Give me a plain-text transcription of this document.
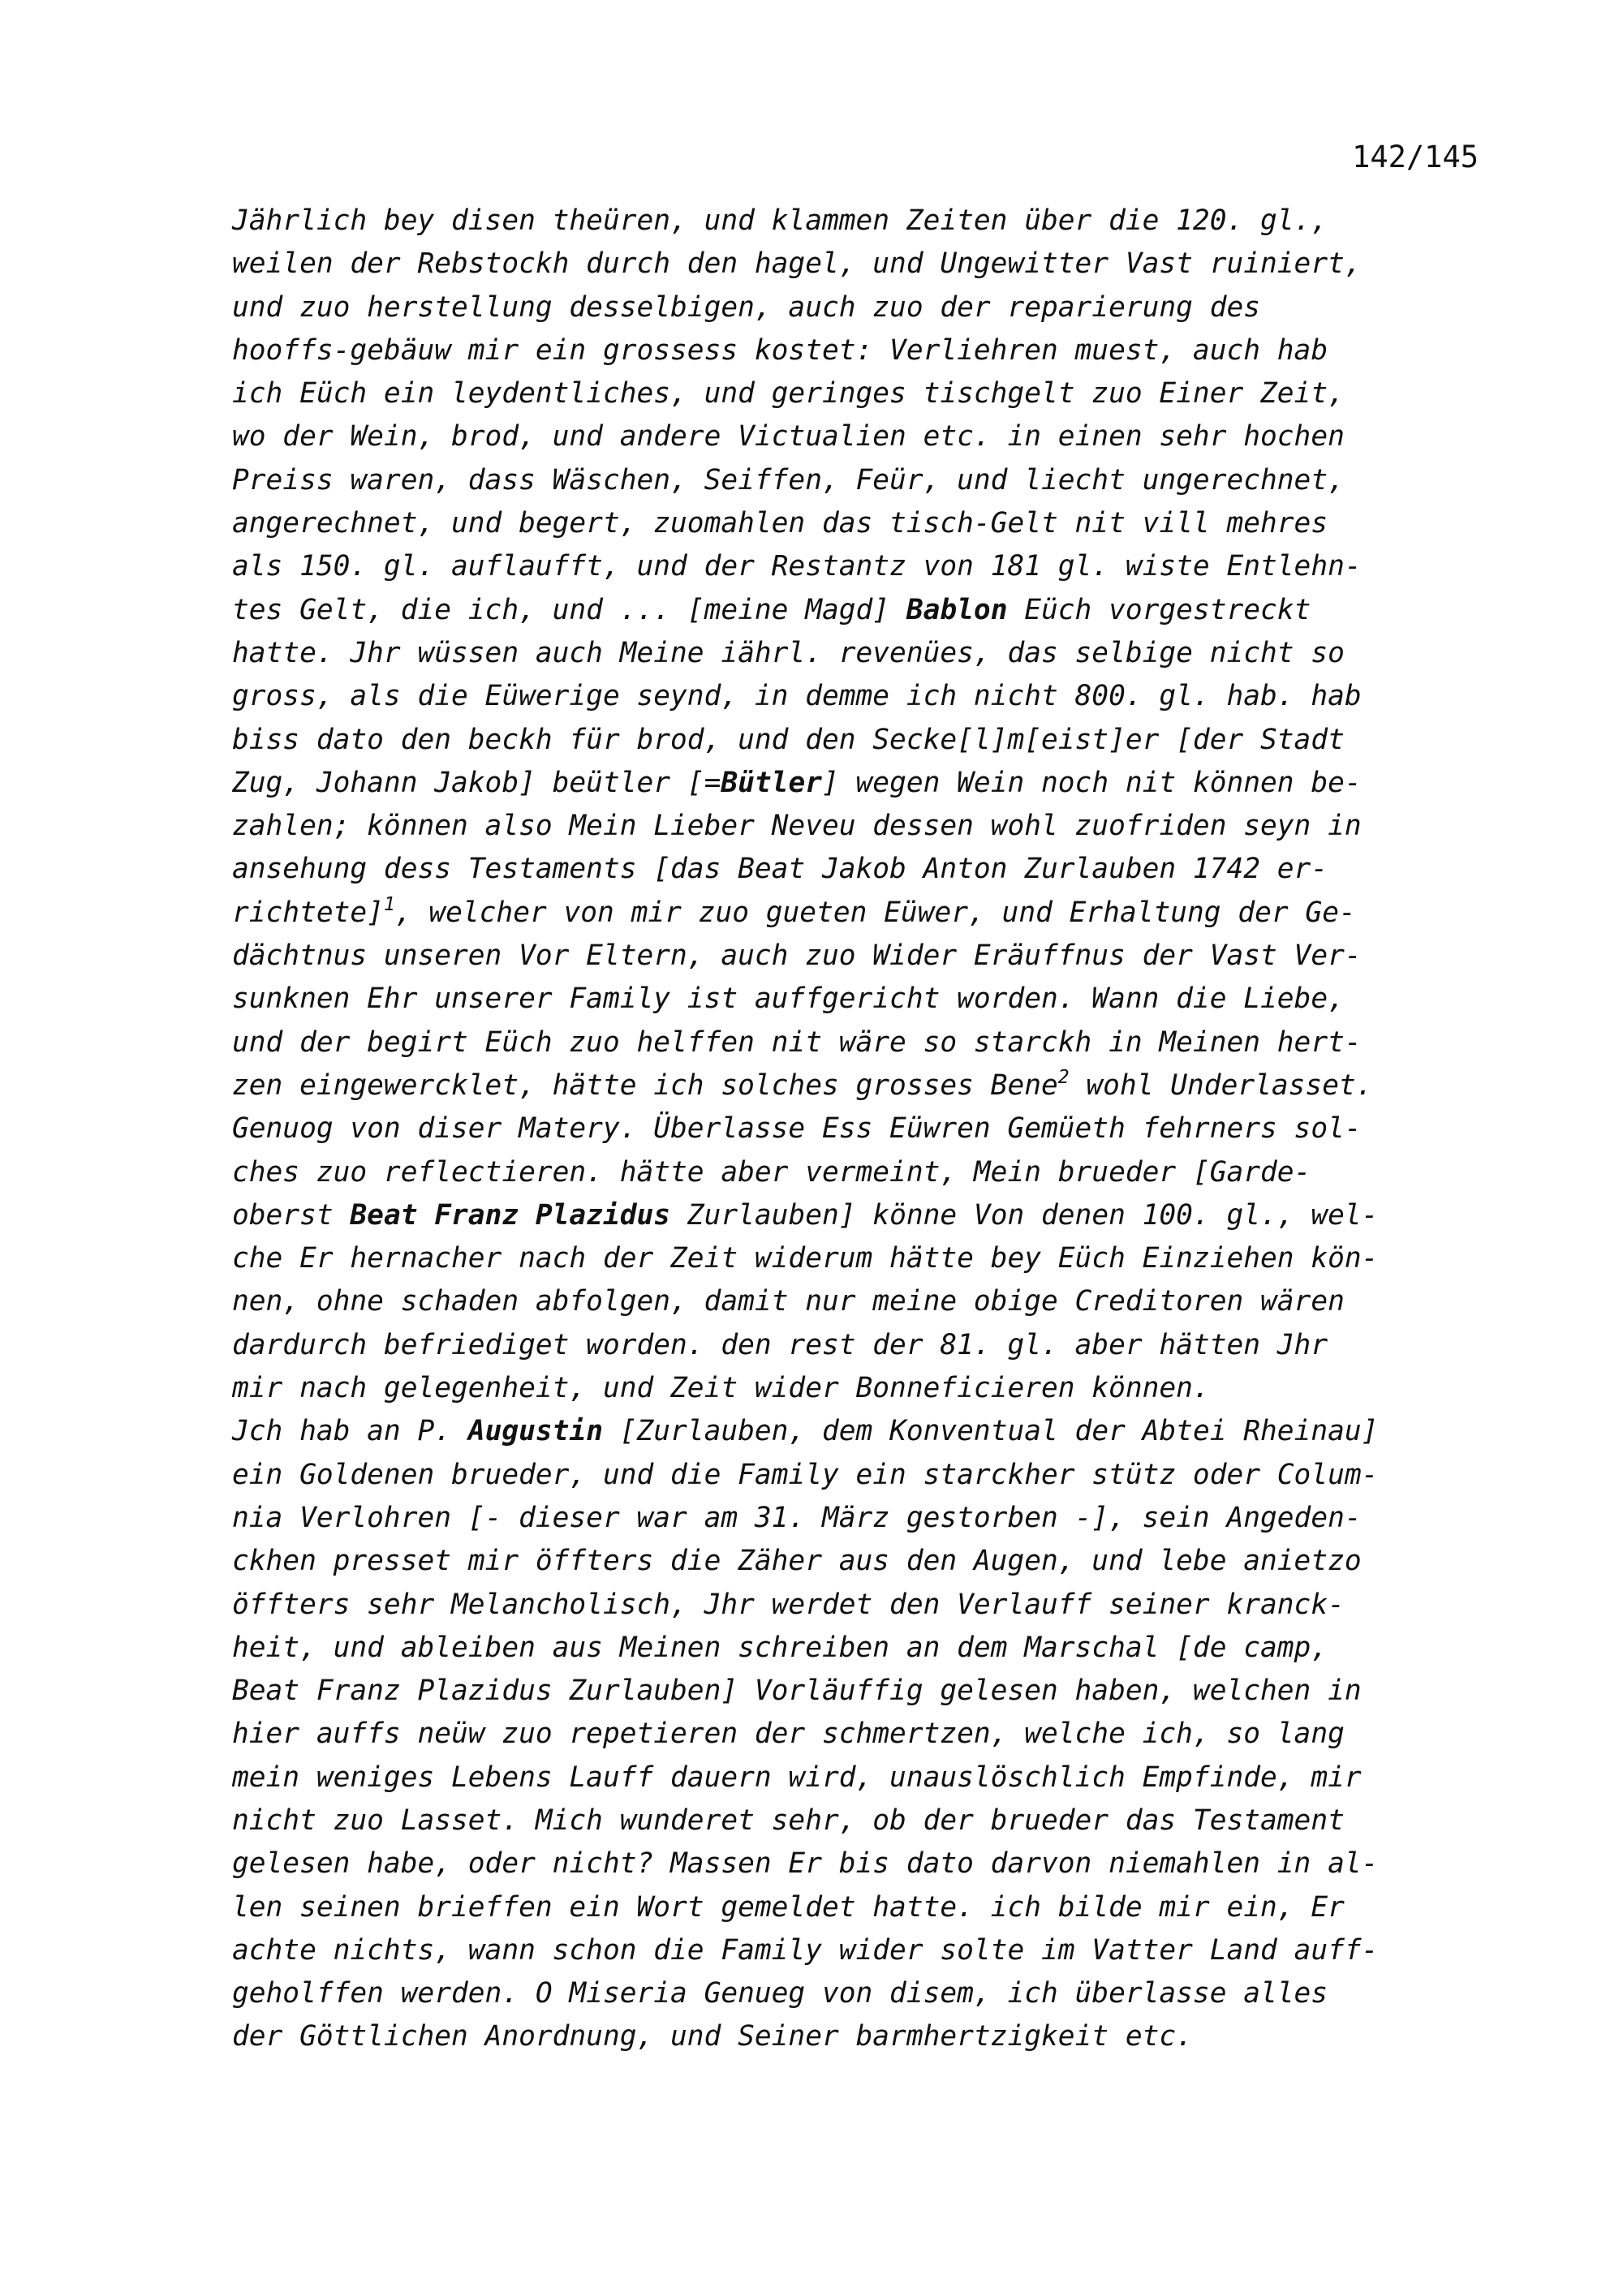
142/145
Jährlich bey disen theüren, und klammen Zeiten über die 120. gl.,
weilen der Rebstockh durch den hagel, und Ungewitter Vast ruiniert,
und zuo herstellung desselbigen, auch zuo der reparierung des
hooffs-gebäuw mir ein grossess kostet: Verliehren muest, auch hab
ich Eüch ein leydentliches, und geringes tischgelt zuo Einer Zeit,
wo der Wein, brod, und andere Victualien etc. in einen sehr hochen
Preiss waren, dass Wäschen, Seiffen, Feür, und liecht ungerechnet,
angerechnet, und begert, zuomahlen das tisch-Gelt nit vill mehres
als 150. gl. auflaufft, und der Restantz von 181 gl. wiste Entlehn-
tes Gelt, die ich, und ... [meine Magd] Bablon Eüch vorgestreckt
hatte. Jhr wüssen auch Meine iährl. revenües, das selbige nicht so
gross, als die Eüwerige seynd, in demme ich nicht 800. gl. hab. hab
biss dato den beckh für brod, und den Secke[l]m[eist]er [der Stadt
Zug, Johann Jakob] beütler [=Bütler] wegen Wein noch nit können be-
zahlen; können also Mein Lieber Neveu dessen wohl zuofriden seyn in
ansehung dess Testaments [das Beat Jakob Anton Zurlauben 1742 er-
richtete]$^1$, welcher von mir zuo gueten Eüwer, und Erhaltung der Ge-
dächtnus unseren Vor Eltern, auch zuo Wider Eräuffnus der Vast Ver-
sunknen Ehr unserer Family ist auffgericht worden. Wann die Liebe,
und der begirt Eüch zuo helffen nit wäre so starckh in Meinen hert-
zen eingewercklet, hätte ich solches grosses Bene$^2$ wohl Underlasset.
Genuog von diser Matery. Überlasse Ess Eüwren Gemüeth fehrners sol-
ches zuo reflectieren. hätte aber vermeint, Mein brueder [Garde-
oberst Beat Franz Plazidus Zurlauben] könne Von denen 100. gl., wel-
che Er hernacher nach der Zeit widerum hätte bey Eüch Einziehen kön-
nen, ohne schaden abfolgen, damit nur meine obige Creditoren wären
dardurch befriediget worden. den rest der 81. gl. aber hätten Jhr
mir nach gelegenheit, und Zeit wider Bonneficieren können.
Jch hab an P. Augustin [Zurlauben, dem Konventual der Abtei Rheinau]
ein Goldenen brueder, und die Family ein starckher stütz oder Colum-
nia Verlohren [- dieser war am 31. März gestorben -], sein Angeden-
ckhen presset mir öffters die Zäher aus den Augen, und lebe anietzo
öffters sehr Melancholisch, Jhr werdet den Verlauff seiner kranck-
heit, und ableiben aus Meinen schreiben an dem Marschal [de camp,
Beat Franz Plazidus Zurlauben] Vorläuffig gelesen haben, welchen in
hier auffs neüw zuo repetieren der schmertzen, welche ich, so lang
mein weniges Lebens Lauff dauern wird, unauslöschlich Empfinde, mir
nicht zuo Lasset. Mich wunderet sehr, ob der brueder das Testament
gelesen habe, oder nicht? Massen Er bis dato darvon niemahlen in al-
len seinen brieffen ein Wort gemeldet hatte. ich bilde mir ein, Er
achte nichts, wann schon die Family wider solte im Vatter Land auff-
geholffen werden. O Miseria Genueg von disem, ich überlasse alles
der Göttlichen Anordnung, und Seiner barmhertzigkeit etc.
